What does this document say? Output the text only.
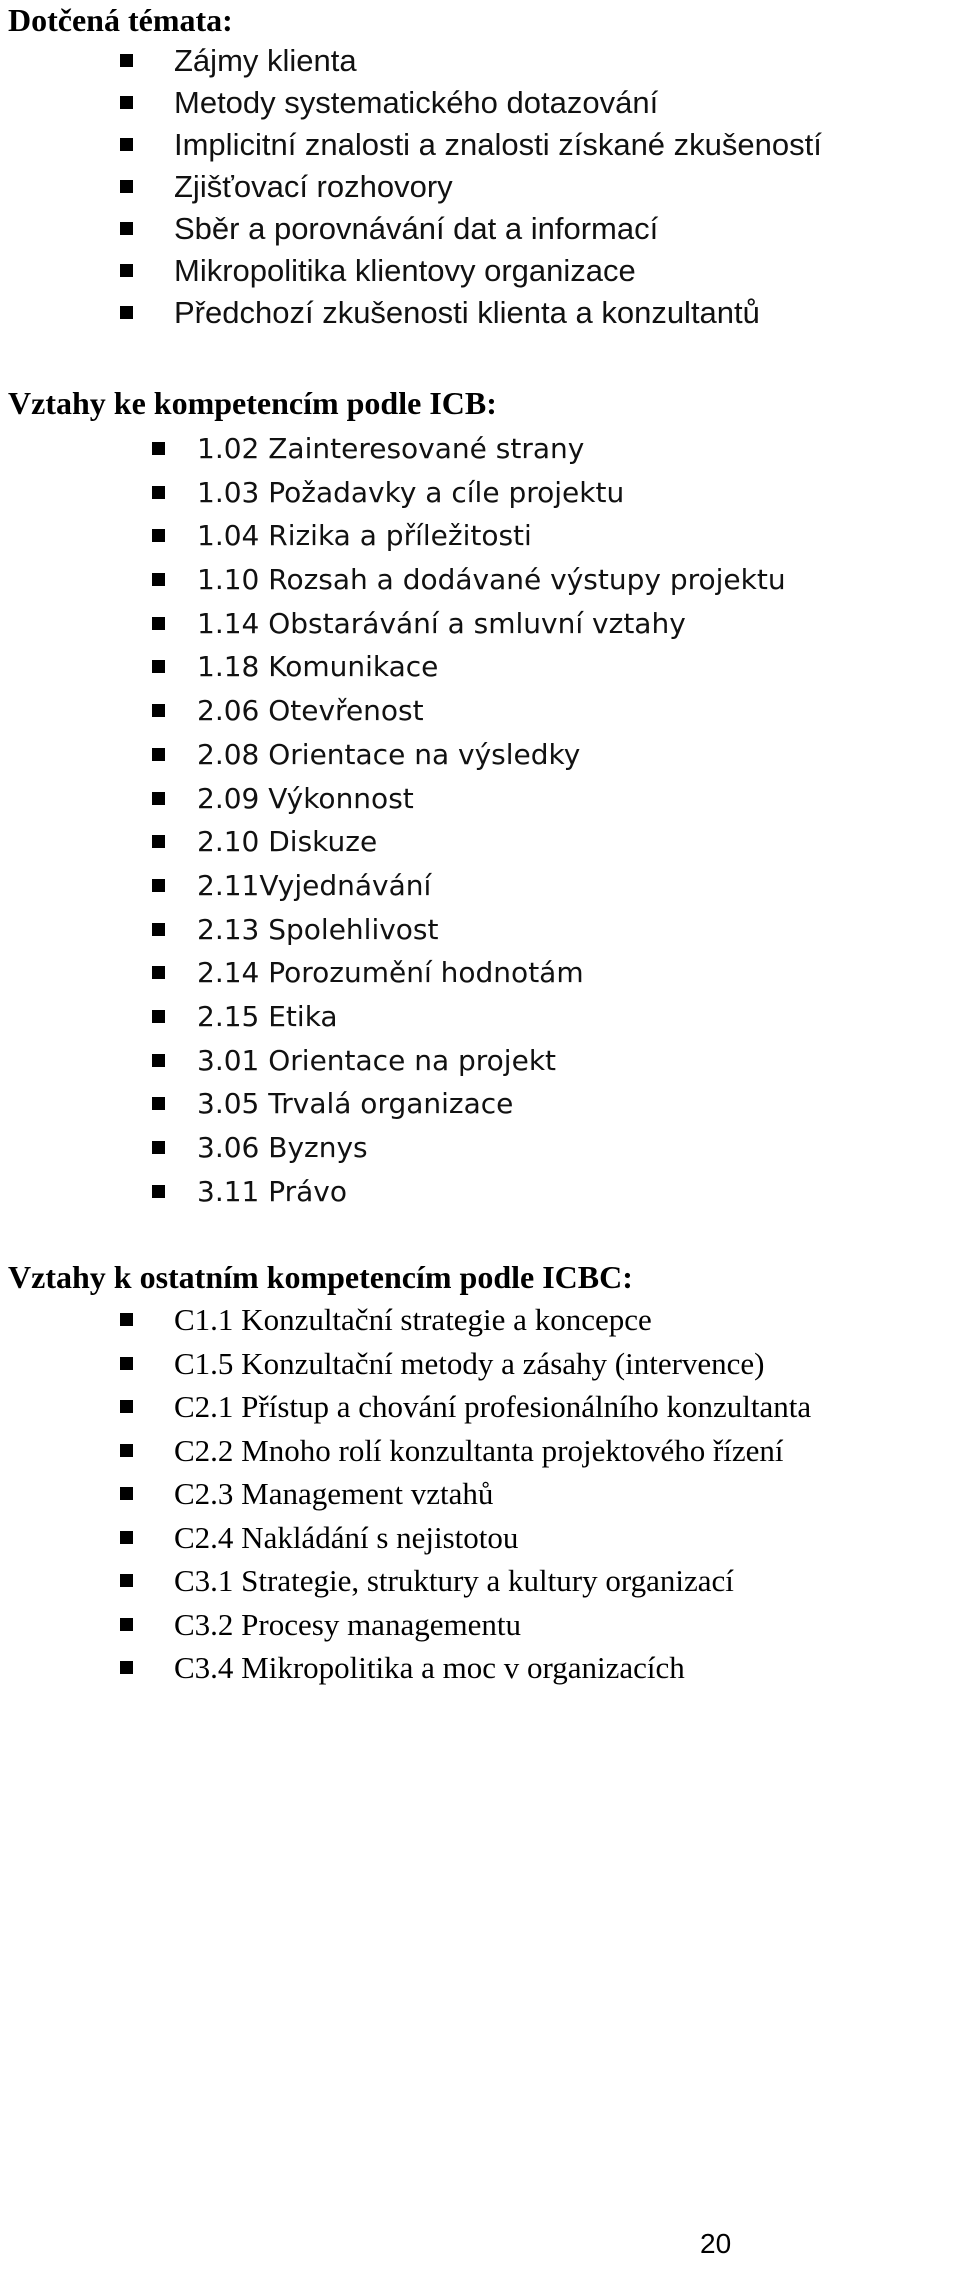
Dotčená témata:
Zájmy klienta
Metody systematického dotazování
Implicitní znalosti a znalosti získané zkušeností
Zjišťovací rozhovory
Sběr a porovnávání dat a informací
Mikropolitika klientovy organizace
Předchozí zkušenosti klienta a konzultantů
Vztahy ke kompetencím podle ICB:
1.02 Zainteresované strany
1.03 Požadavky a cíle projektu
1.04 Rizika a příležitosti
1.10 Rozsah a dodávané výstupy projektu
1.14 Obstarávání a smluvní vztahy
1.18 Komunikace
2.06 Otevřenost
2.08 Orientace na výsledky
2.09 Výkonnost
2.10 Diskuze
2.11Vyjednávání
2.13 Spolehlivost
2.14 Porozumění hodnotám
2.15 Etika
3.01 Orientace na projekt
3.05 Trvalá organizace
3.06 Byznys
3.11 Právo
Vztahy k ostatním kompetencím podle ICBC:
C1.1 Konzultační strategie a koncepce
C1.5 Konzultační metody a zásahy (intervence)
C2.1 Přístup a chování profesionálního konzultanta
C2.2 Mnoho rolí konzultanta projektového řízení
C2.3 Management vztahů
C2.4 Nakládání s nejistotou
C3.1 Strategie, struktury a kultury organizací
C3.2 Procesy managementu
C3.4 Mikropolitika a moc v organizacích
20
